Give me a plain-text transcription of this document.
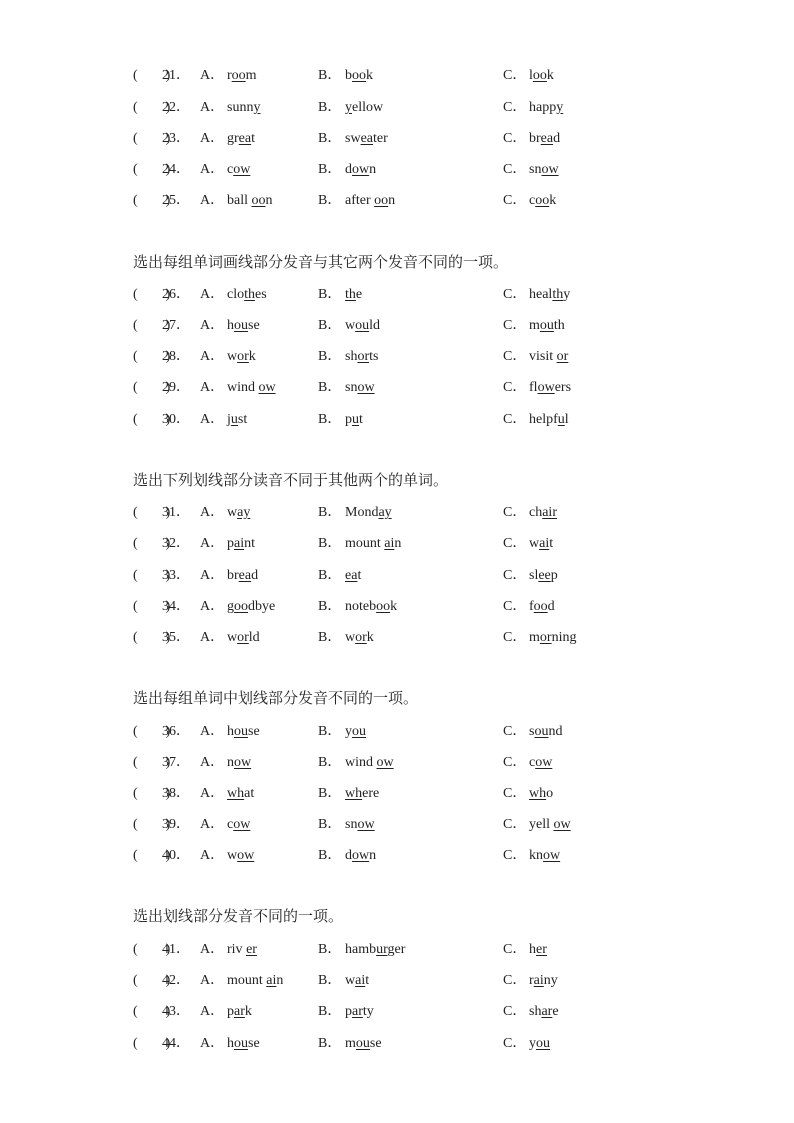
(　　)
21． A． room	B． book	C． look
(　　)
22． A． sunny	B． yellow	C． happy
(　　)
23． A． great	B． sweater	C． bread
(　　)
24． A． cow	B． down	C． snow
(　　)
25． A． ball oon	B． after oon	C． cook
选出每组单词画线部分发音与其它两个发音不同的一项。
(　　)
26． A． clothes	B． the	C． healthy
(　　)
27． A． house	B． would	C． mouth
(　　)
28． A． work	B． shorts	C． visit or
(　　)
29． A． wind ow	B． snow	C． flowers
(　　)
30． A． just	B． put	C． helpful
选出下列划线部分读音不同于其他两个的单词。
(　　)
31． A． way	B． Monday	C． chair
(　　)
32． A． paint	B． mount ain	C． wait
(　　)
33． A． bread	B． eat	C． sleep
(　　)
34． A． goodbye	B． notebook	C． food
(　　)
35． A． world	B． work	C． morning
选出每组单词中划线部分发音不同的一项。
(　　)
36． A． house	B． you	C． sound
(　　)
37． A． now	B． wind ow	C． cow
(　　)
38． A． what	B． where	C． who
(　　)
39． A． cow	B． snow	C． yell ow
(　　)
40． A． wow	B． down	C． know
选出划线部分发音不同的一项。
(　　)
41． A． riv er	B． hamburger	C． her
(　　)
42． A． mount ain B． wait	C． rainy
(　　)
43． A． park	B． party	C． share
(　　)
44． A． house	B． mouse	C． you
